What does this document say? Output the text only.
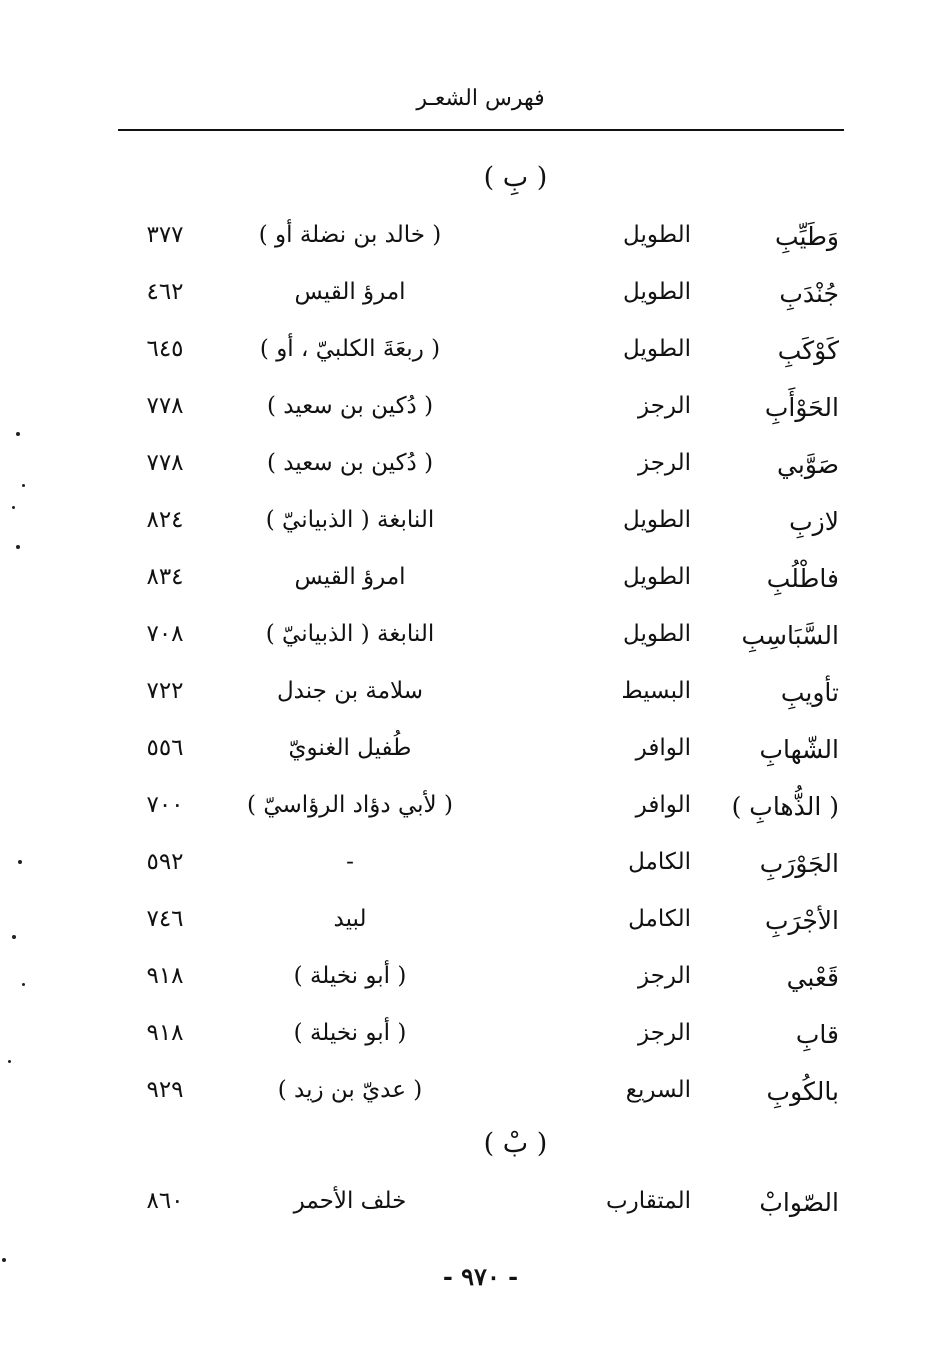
فهرس الشعـر
( بِ )
وَطَيِّبِ
الطويل
( خالد بن نضلة أو )
٣٧٧
جُنْدَبِ
الطويل
امرؤ القيس
٤٦٢
كَوْكَبِ
الطويل
( ربعَةَ الكلبيّ ، أو )
٦٤٥
الحَوْأَبِ
الرجز
( دُكين بن سعيد )
٧٧٨
صَوَّبي
الرجز
( دُكين بن سعيد )
٧٧٨
لازبِ
الطويل
النابغة ( الذبيانيّ )
٨٢٤
فاطْلُبِ
الطويل
امرؤ القيس
٨٣٤
السَّبَاسِبِ
الطويل
النابغة ( الذبيانيّ )
٧٠٨
تأويبِ
البسيط
سلامة بن جندل
٧٢٢
الشّهابِ
الوافر
طُفيل الغنويّ
٥٥٦
( الذُّهابِ )
الوافر
( لأبي دؤاد الرؤاسيّ )
٧٠٠
الجَوْرَبِ
الكامل
-
٥٩٢
الأجْرَبِ
الكامل
لبيد
٧٤٦
قَعْبي
الرجز
( أبو نخيلة )
٩١٨
قابِ
الرجز
( أبو نخيلة )
٩١٨
بالكُوبِ
السريع
( عديّ بن زيد )
٩٢٩
( بْ )
الصّوابْ
المتقارب
خلف الأحمر
٨٦٠
- ٩٧٠ -
